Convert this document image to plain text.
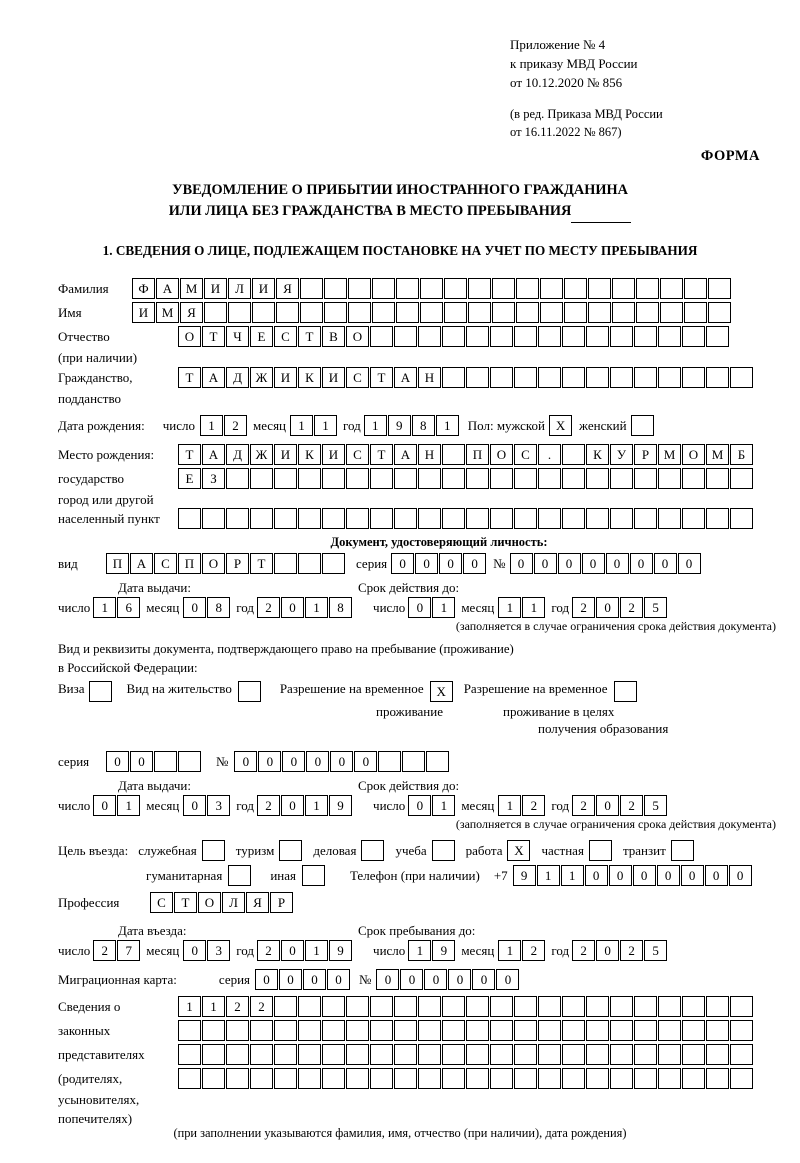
Приложение № 4
к приказу МВД России
от 10.12.2020 № 856
(в ред. Приказа МВД России
от 16.11.2022 № 867)
ФОРМА
УВЕДОМЛЕНИЕ О ПРИБЫТИИ ИНОСТРАННОГО ГРАЖДАНИНА
ИЛИ ЛИЦА БЕЗ ГРАЖДАНСТВА В МЕСТО ПРЕБЫВАНИЯ
1. СВЕДЕНИЯ О ЛИЦЕ, ПОДЛЕЖАЩЕМ ПОСТАНОВКЕ НА УЧЕТ ПО МЕСТУ ПРЕБЫВАНИЯ
Фамилия	Ф	А	М	И	Л	И	Я
Имя	И	М	Я
Отчество	О	Т	Ч	Е	С	Т	В	О
(при наличии)
Гражданство,	Т	А	Д	Ж	И	К	И	С	Т	А	Н
подданство
Дата рождения: число	1	2	месяц 1	1	год 1	9	8	1	Пол: мужской Х	женский
Место рождения:	Т	А	Д	Ж	И	К	И	С	Т	А	Н	П	О	С	.	К	У	Р	М	О	М	Б
государство	Е	З
город или другой
населенный пункт
Документ, удостоверяющий личность:
вид	П	А	С	П	О	Р	Т	серия 0	0	0	0	№ 0	0	0	0	0	0	0	0
Дата выдачи:	Срок действия до:
число 1	6	месяц 0	8	год 2	0	1	8	число 0	1	месяц 1	1	год 2	0	2	5
(заполняется в случае ограничения срока действия документа)
Вид и реквизиты документа, подтверждающего право на пребывание (проживание)
в Российской Федерации:
Виза	Вид на жительство	Разрешение на временное Х	Разрешение на временное
проживание	проживание в целях
получения образования
серия	0	0	№	0	0	0	0	0	0
Дата выдачи:	Срок действия до:
число 0	1	месяц 0	3	год 2	0	1	9	число 0	1	месяц 1	2	год 2	0	2	5
(заполняется в случае ограничения срока действия документа)
Цель въезда: служебная	туризм	деловая	учеба	работа Х	частная	транзит
гуманитарная	иная	Телефон (при наличии) +7	9	1	1	0	0	0	0	0	0	0
Профессия	С	Т	О	Л	Я	Р
Дата въезда:	Срок пребывания до:
число 2	7	месяц 0	3	год 2	0	1	9	число 1	9	месяц 1	2	год 2	0	2	5
Миграционная карта:	серия	0	0	0	0	№	0	0	0	0	0	0
Сведения о	1	1	2	2
законных
представителях
(родителях,
усыновителях,
попечителях)
(при заполнении указываются фамилия, имя, отчество (при наличии), дата рождения)
